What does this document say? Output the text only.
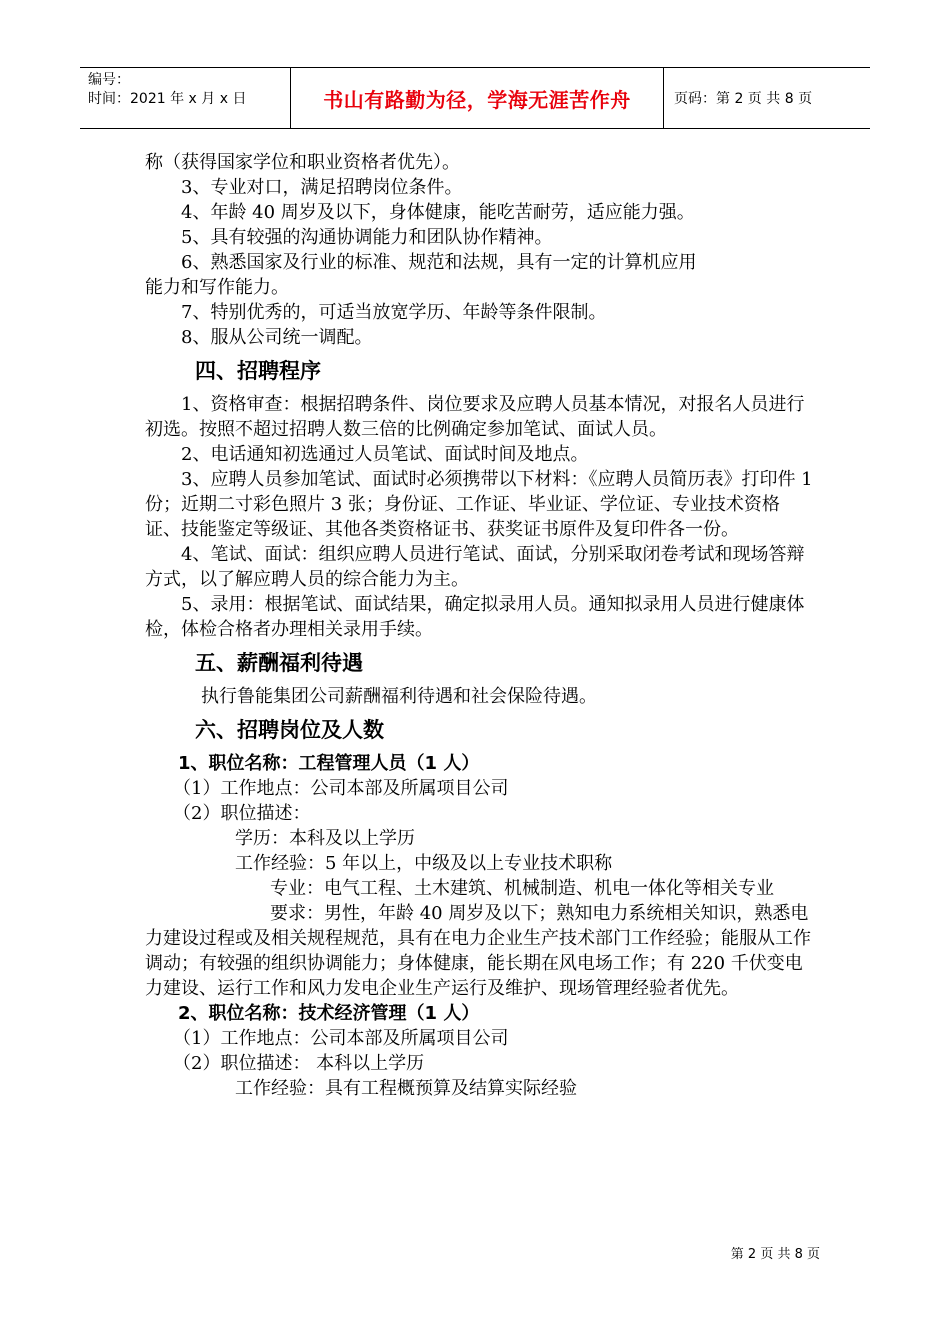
编号：
时间：2021 年 x 月 x 日	书山有路勤为径，学海无涯苦作舟	页码：第 2 页 共 8 页

称（获得国家学位和职业资格者优先）。

3、专业对口，满足招聘岗位条件。

4、年龄 40 周岁及以下，身体健康，能吃苦耐劳，适应能力强。

5、具有较强的沟通协调能力和团队协作精神。

6、熟悉国家及行业的标准、规范和法规，具有一定的计算机应用

能力和写作能力。

7、特别优秀的，可适当放宽学历、年龄等条件限制。

8、服从公司统一调配。

四、招聘程序

1、资格审查：根据招聘条件、岗位要求及应聘人员基本情况，对报名人员进行初选。按照不超过招聘人数三倍的比例确定参加笔试、面试人员。

2、电话通知初选通过人员笔试、面试时间及地点。

3、应聘人员参加笔试、面试时必须携带以下材料：《应聘人员简历表》打印件 1 份；近期二寸彩色照片 3 张；身份证、工作证、毕业证、学位证、专业技术资格证、技能鉴定等级证、其他各类资格证书、获奖证书原件及复印件各一份。

4、笔试、面试：组织应聘人员进行笔试、面试，分别采取闭卷考试和现场答辩方式，以了解应聘人员的综合能力为主。

5、录用：根据笔试、面试结果，确定拟录用人员。通知拟录用人员进行健康体检，体检合格者办理相关录用手续。

五、薪酬福利待遇

执行鲁能集团公司薪酬福利待遇和社会保险待遇。

六、招聘岗位及人数
1、职位名称：工程管理人员（1 人）

（1）工作地点：公司本部及所属项目公司

（2）职位描述：

学历：本科及以上学历

工作经验：5 年以上，中级及以上专业技术职称

专业：电气工程、土木建筑、机械制造、机电一体化等相关专业

要求：男性，年龄 40 周岁及以下；熟知电力系统相关知识，熟悉电力建设过程或及相关规程规范，具有在电力企业生产技术部门工作经验；能服从工作调动；有较强的组织协调能力；身体健康，能长期在风电场工作；有 220 千伏变电力建设、运行工作和风力发电企业生产运行及维护、现场管理经验者优先。

2、职位名称：技术经济管理（1 人）

（1）工作地点：公司本部及所属项目公司

（2）职位描述： 本科以上学历

工作经验：具有工程概预算及结算实际经验

第 2 页 共 8 页
